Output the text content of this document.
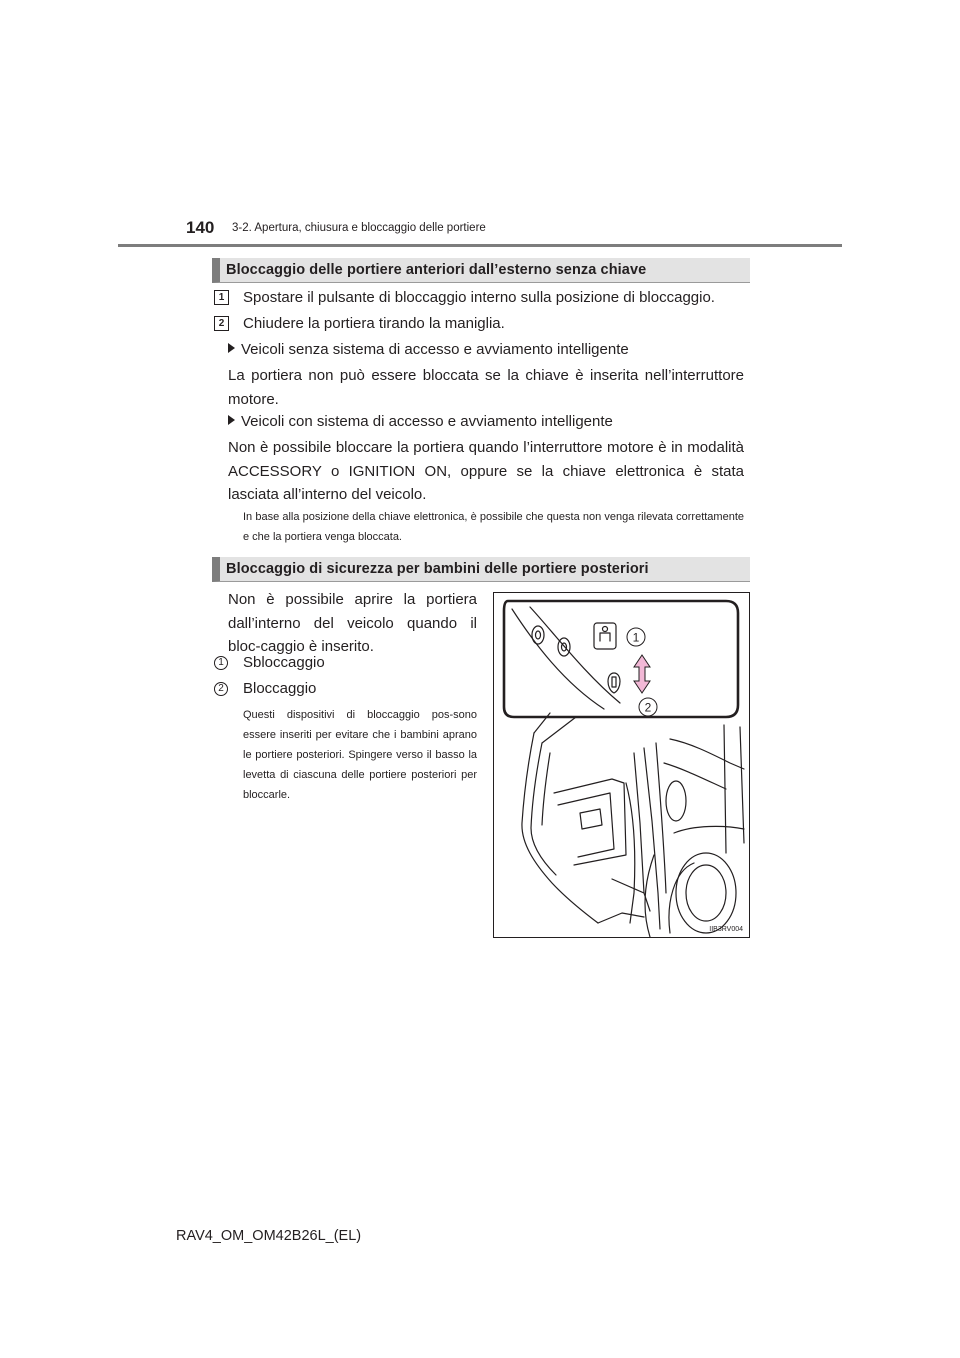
140 3-2. Apertura, chiusura e bloccaggio delle portiere
Bloccaggio delle portiere anteriori dall’esterno senza chiave
1	Spostare il pulsante di bloccaggio interno sulla posizione di bloccaggio.
2	Chiudere la portiera tirando la maniglia.
Veicoli senza sistema di accesso e avviamento intelligente
La portiera non può essere bloccata se la chiave è inserita nell’interruttore motore.
Veicoli con sistema di accesso e avviamento intelligente
Non è possibile bloccare la portiera quando l’interruttore motore è in modalità ACCESSORY o IGNITION ON, oppure se la chiave elettronica è stata lasciata all’interno del veicolo.
In base alla posizione della chiave elettronica, è possibile che questa non venga rilevata correttamente e che la portiera venga bloccata.
Bloccaggio di sicurezza per bambini delle portiere posteriori
Non è possibile aprire la portiera dall’interno del veicolo quando il bloc-caggio è inserito.
1 Sbloccaggio
2 Bloccaggio
Questi dispositivi di bloccaggio pos-sono essere inseriti per evitare che i bambini aprano le portiere posteriori. Spingere verso il basso la levetta di ciascuna delle portiere posteriori per bloccarle.
1
2
IIB3RV004
RAV4_OM_OM42B26L_(EL)
